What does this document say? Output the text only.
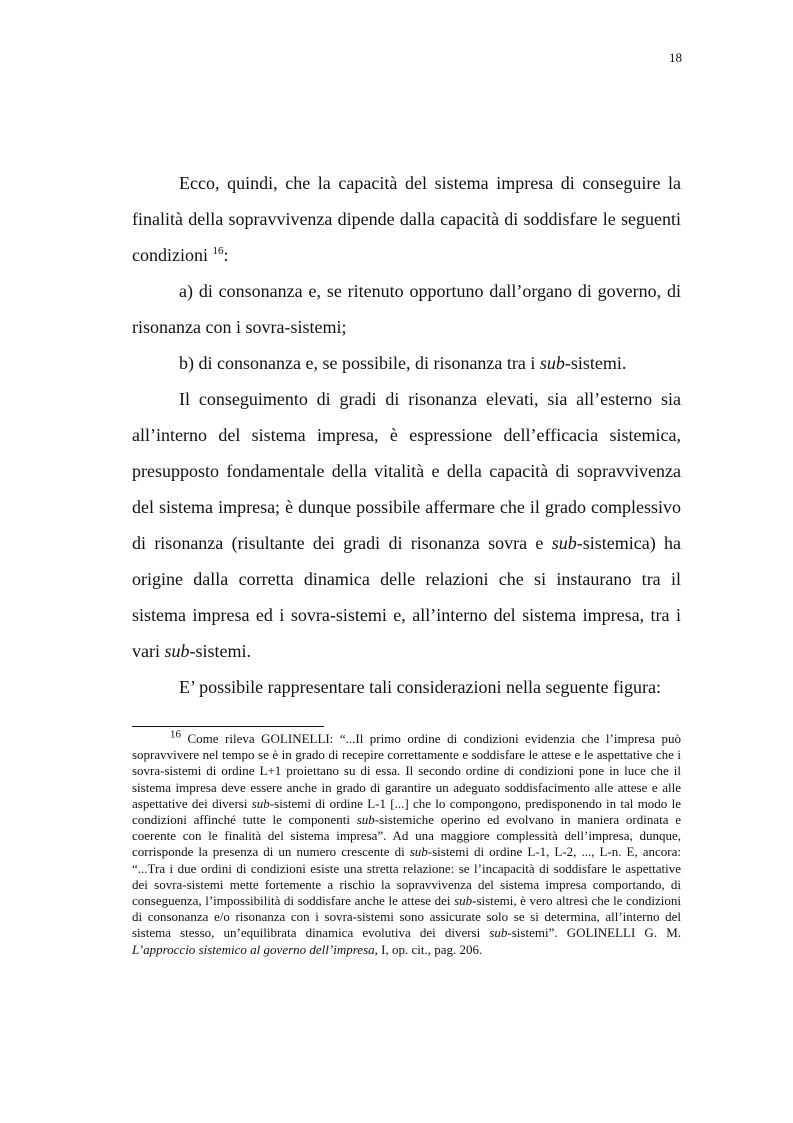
18

Ecco, quindi, che la capacità del sistema impresa di conseguire la finalità della sopravvivenza dipende dalla capacità di soddisfare le seguenti condizioni $^{16}$:

a) di consonanza e, se ritenuto opportuno dall’organo di governo, di risonanza con i sovra-sistemi;

b) di consonanza e, se possibile, di risonanza tra i sub-sistemi.

Il conseguimento di gradi di risonanza elevati, sia all’esterno sia all’interno del sistema impresa, è espressione dell’efficacia sistemica, presupposto fondamentale della vitalità e della capacità di sopravvivenza del sistema impresa; è dunque possibile affermare che il grado complessivo di risonanza (risultante dei gradi di risonanza sovra e sub-sistemica) ha origine dalla corretta dinamica delle relazioni che si instaurano tra il sistema impresa ed i sovra-sistemi e, all’interno del sistema impresa, tra i vari sub-sistemi.

E’ possibile rappresentare tali considerazioni nella seguente figura:

$^{16}$ Come rileva GOLINELLI: “...Il primo ordine di condizioni evidenzia che l’impresa può sopravvivere nel tempo se è in grado di recepire correttamente e soddisfare le attese e le aspettative che i sovra-sistemi di ordine L+1 proiettano su di essa. Il secondo ordine di condizioni pone in luce che il sistema impresa deve essere anche in grado di garantire un adeguato soddisfacimento alle attese e alle aspettative dei diversi sub-sistemi di ordine L-1 [...] che lo compongono, predisponendo in tal modo le condizioni affinché tutte le componenti sub-sistemiche operino ed evolvano in maniera ordinata e coerente con le finalità del sistema impresa”. Ad una maggiore complessità dell’impresa, dunque, corrisponde la presenza di un numero crescente di sub-sistemi di ordine L-1, L-2, ..., L-n. E, ancora: “...Tra i due ordini di condizioni esiste una stretta relazione: se l’incapacità di soddisfare le aspettative dei sovra-sistemi mette fortemente a rischio la sopravvivenza del sistema impresa comportando, di conseguenza, l’impossibilità di soddisfare anche le attese dei sub-sistemi, è vero altresì che le condizioni di consonanza e/o risonanza con i sovra-sistemi sono assicurate solo se si determina, all’interno del sistema stesso, un’equilibrata dinamica evolutiva dei diversi sub-sistemi”. GOLINELLI G. M. L’approccio sistemico al governo dell’impresa, I, op. cit., pag. 206.
